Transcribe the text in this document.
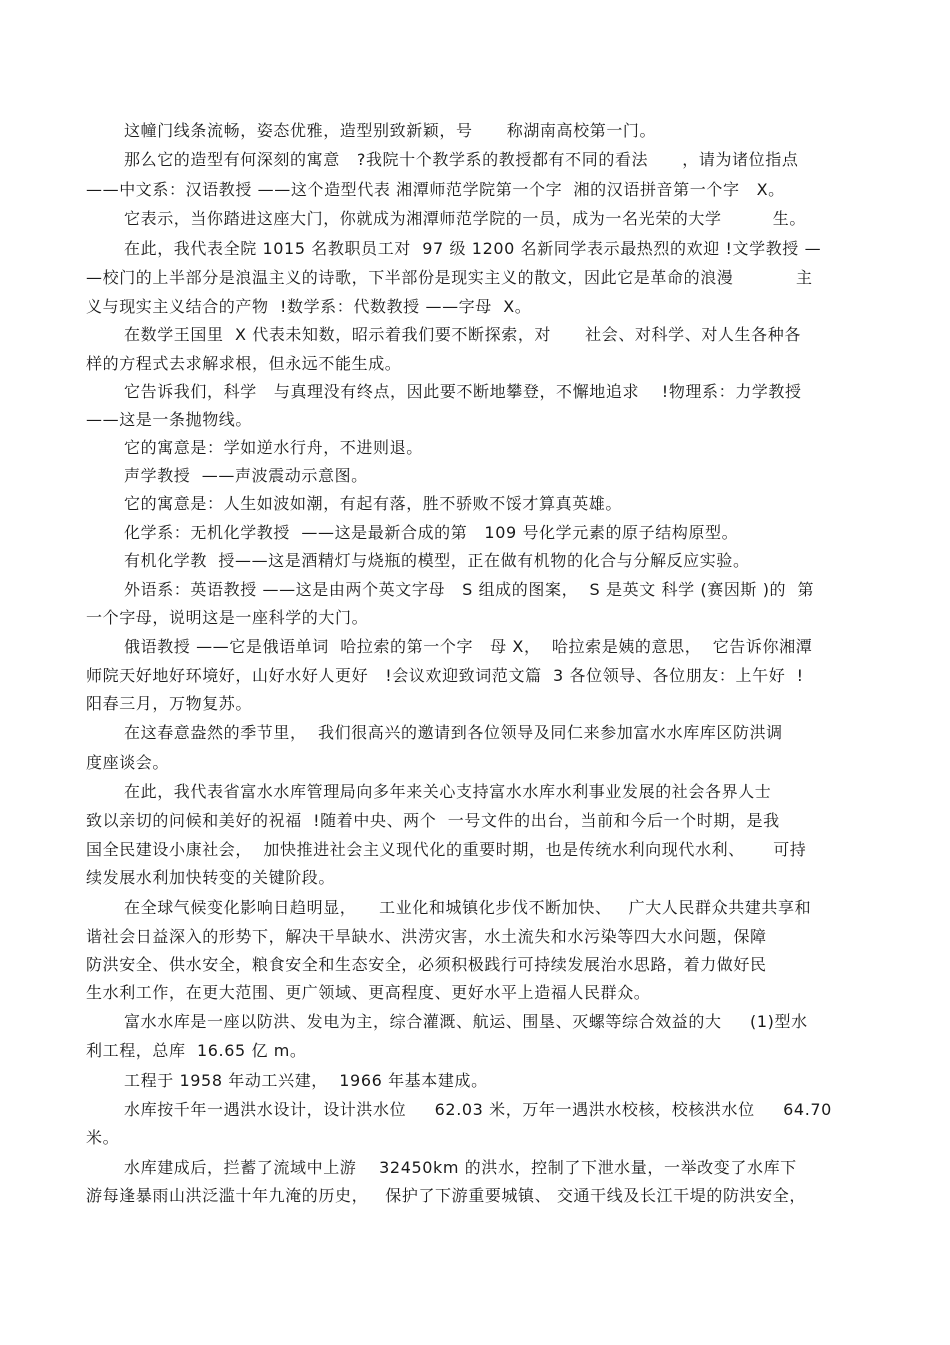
这幢门线条流畅，姿态优雅，造型别致新颖，号      称湖南高校第一门。
那么它的造型有何深刻的寓意   ?我院十个教学系的教授都有不同的看法      ，请为诸位指点
——中文系：汉语教授 ——这个造型代表 湘潭师范学院第一个字  湘的汉语拼音第一个字   X。
它表示，当你踏进这座大门，你就成为湘潭师范学院的一员，成为一名光荣的大学         生。
在此，我代表全院 1015 名教职员工对  97 级 1200 名新同学表示最热烈的欢迎 !文学教授 —
—校门的上半部分是浪温主义的诗歌，下半部份是现实主义的散文，因此它是革命的浪漫           主
义与现实主义结合的产物  !数学系：代数教授 ——字母  X。
在数学王国里  X 代表未知数，昭示着我们要不断探索，对      社会、对科学、对人生各种各
样的方程式去求解求根，但永远不能生成。
它告诉我们，科学   与真理没有终点，因此要不断地攀登，不懈地追求    !物理系：力学教授
——这是一条抛物线。
它的寓意是：学如逆水行舟，不进则退。
声学教授  ——声波震动示意图。
它的寓意是：人生如波如潮，有起有落，胜不骄败不馁才算真英雄。
化学系：无机化学教授  ——这是最新合成的第   109 号化学元素的原子结构原型。
有机化学教  授——这是酒精灯与烧瓶的模型，正在做有机物的化合与分解反应实验。
外语系：英语教授 ——这是由两个英文字母   S 组成的图案，  S 是英文 科学 (赛因斯 )的  第
一个字母，说明这是一座科学的大门。
俄语教授 ——它是俄语单词  哈拉索的第一个字   母 X，  哈拉索是姨的意思，  它告诉你湘潭
师院天好地好环境好，山好水好人更好   !会议欢迎致词范文篇  3 各位领导、各位朋友：上午好  !
阳春三月，万物复苏。
在这春意盎然的季节里，  我们很高兴的邀请到各位领导及同仁来参加富水水库库区防洪调
度座谈会。
在此，我代表省富水水库管理局向多年来关心支持富水水库水利事业发展的社会各界人士
致以亲切的问候和美好的祝福  !随着中央、两个  一号文件的出台，当前和今后一个时期，是我
国全民建设小康社会，  加快推进社会主义现代化的重要时期，也是传统水利向现代水利、     可持
续发展水利加快转变的关键阶段。
在全球气候变化影响日趋明显，    工业化和城镇化步伐不断加快、   广大人民群众共建共享和
谐社会日益深入的形势下，解决干旱缺水、洪涝灾害，水土流失和水污染等四大水问题，保障
防洪安全、供水安全，粮食安全和生态安全，必须积极践行可持续发展治水思路，着力做好民
生水利工作，在更大范围、更广领域、更高程度、更好水平上造福人民群众。
富水水库是一座以防洪、发电为主，综合灌溉、航运、围垦、灭螺等综合效益的大     (1)型水
利工程，总库  16.65 亿 m。
工程于 1958 年动工兴建，  1966 年基本建成。
水库按千年一遇洪水设计，设计洪水位     62.03 米，万年一遇洪水校核，校核洪水位     64.70
米。
水库建成后，拦蓄了流域中上游    32450km 的洪水，控制了下泄水量，一举改变了水库下
游每逢暴雨山洪泛滥十年九淹的历史，   保护了下游重要城镇、 交通干线及长江干堤的防洪安全，
